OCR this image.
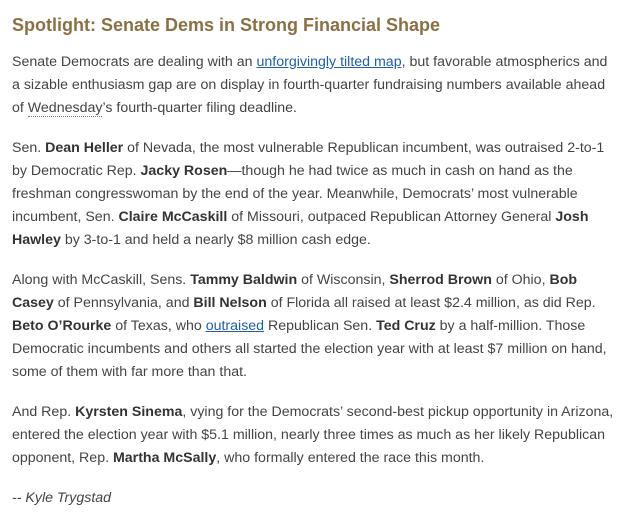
Spotlight: Senate Dems in Strong Financial Shape

Senate Democrats are dealing with an unforgivingly tilted map, but favorable atmospherics and a sizable enthusiasm gap are on display in fourth-quarter fundraising numbers available ahead of Wednesday’s fourth-quarter filing deadline.

Sen. Dean Heller of Nevada, the most vulnerable Republican incumbent, was outraised 2-to-1 by Democratic Rep. Jacky Rosen—though he had twice as much in cash on hand as the freshman congresswoman by the end of the year. Meanwhile, Democrats’ most vulnerable incumbent, Sen. Claire McCaskill of Missouri, outpaced Republican Attorney General Josh Hawley by 3-to-1 and held a nearly $8 million cash edge.

Along with McCaskill, Sens. Tammy Baldwin of Wisconsin, Sherrod Brown of Ohio, Bob Casey of Pennsylvania, and Bill Nelson of Florida all raised at least $2.4 million, as did Rep. Beto O’Rourke of Texas, who outraised Republican Sen. Ted Cruz by a half-million. Those Democratic incumbents and others all started the election year with at least $7 million on hand, some of them with far more than that.

And Rep. Kyrsten Sinema, vying for the Democrats’ second-best pickup opportunity in Arizona, entered the election year with $5.1 million, nearly three times as much as her likely Republican opponent, Rep. Martha McSally, who formally entered the race this month.

-- Kyle Trygstad
